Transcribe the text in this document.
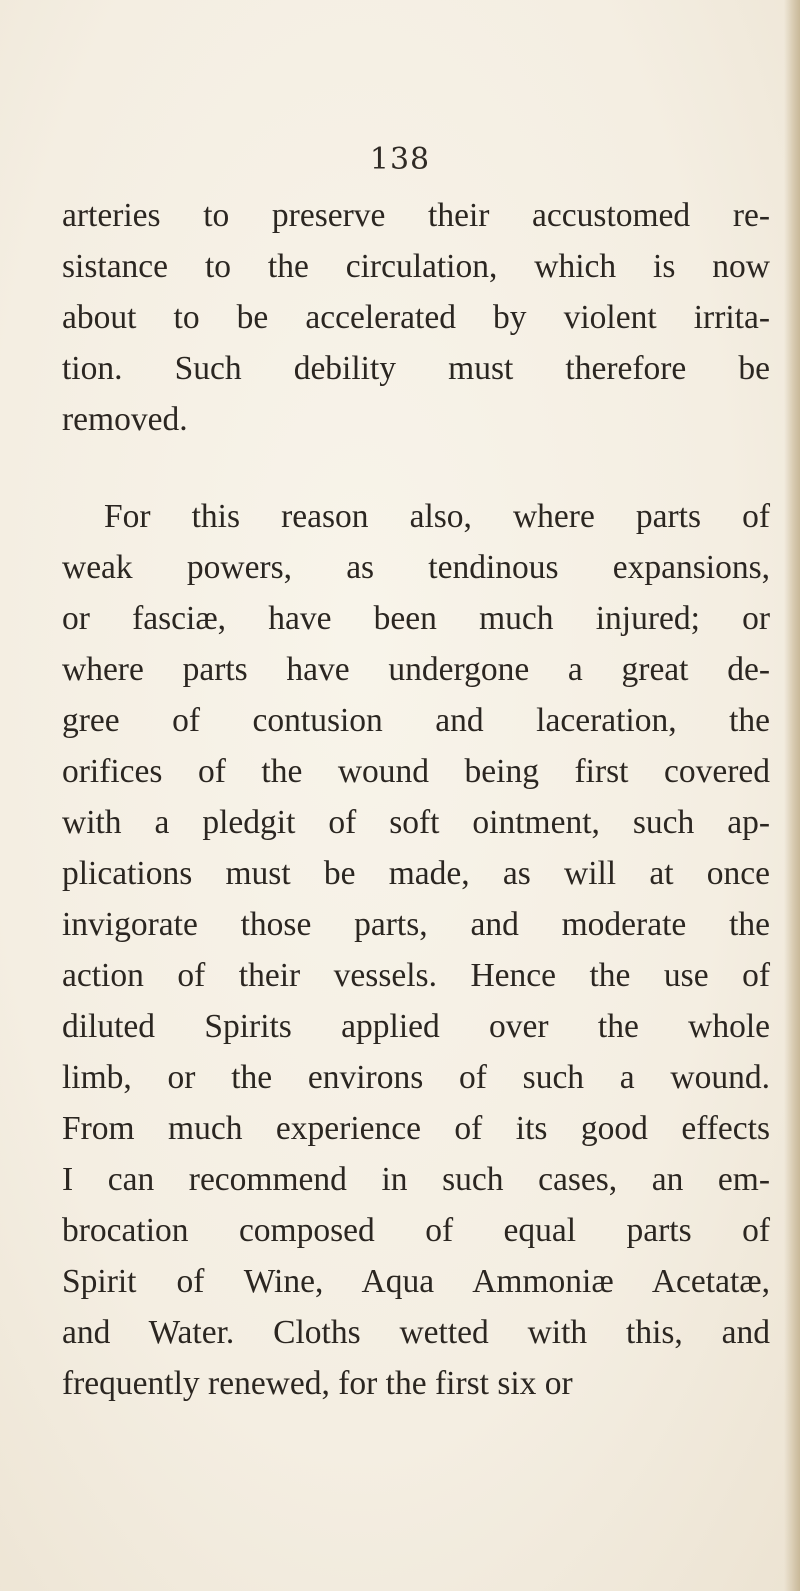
138
arteries to preserve their accustomed re-
sistance to the circulation, which is now
about to be accelerated by violent irrita-
tion. Such debility must therefore be
removed.
For this reason also, where parts of
weak powers, as tendinous expansions,
or fasciæ, have been much injured; or
where parts have undergone a great de-
gree of contusion and laceration, the
orifices of the wound being first covered
with a pledgit of soft ointment, such ap-
plications must be made, as will at once
invigorate those parts, and moderate the
action of their vessels. Hence the use of
diluted Spirits applied over the whole
limb, or the environs of such a wound.
From much experience of its good effects
I can recommend in such cases, an em-
brocation composed of equal parts of
Spirit of Wine, Aqua Ammoniæ Acetatæ,
and Water. Cloths wetted with this, and
frequently renewed, for the first six or
